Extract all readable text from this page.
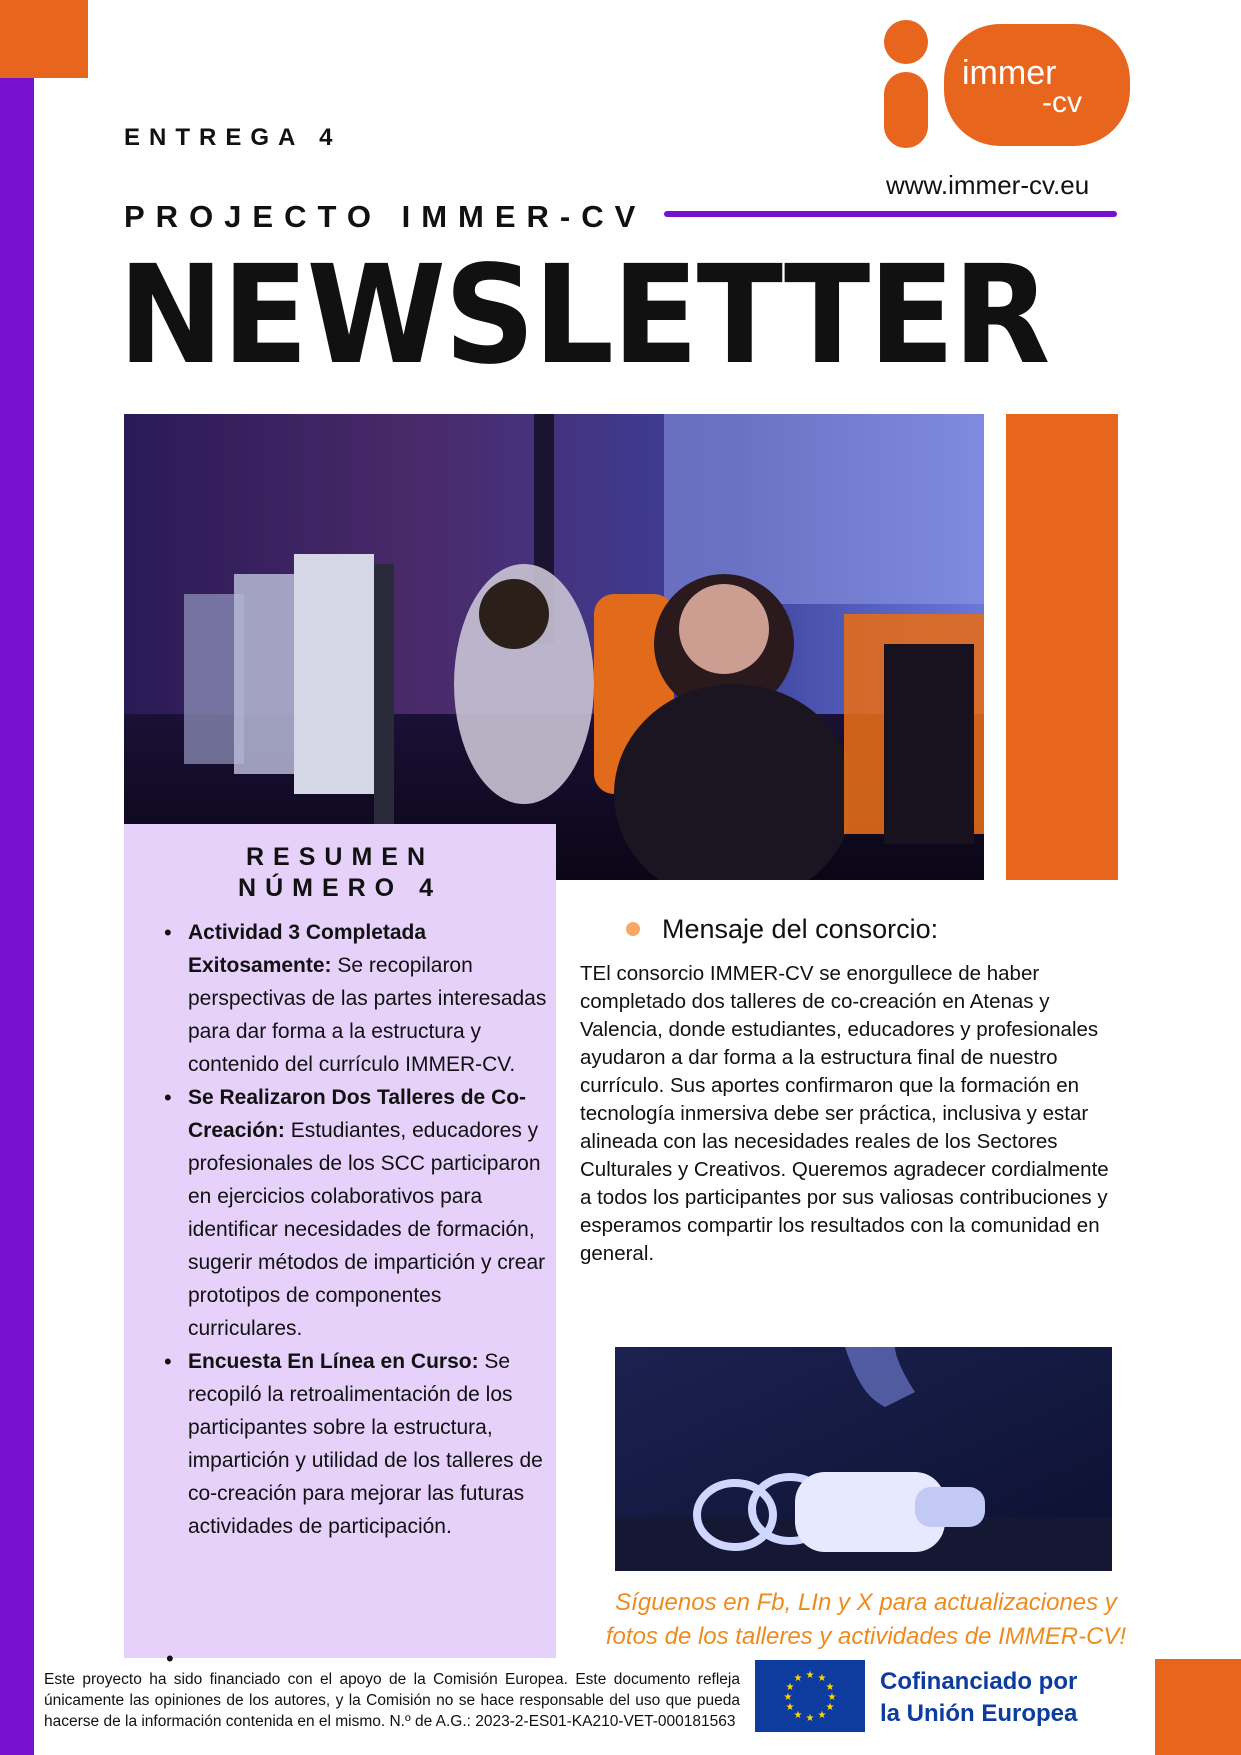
immer
-cv
ENTREGA 4
www.immer-cv.eu
PROJECTO IMMER-CV
NEWSLETTER
RESUMEN
NÚMERO 4
• Actividad 3 Completada Exitosamente: Se recopilaron perspectivas de las partes interesadas para dar forma a la estructura y contenido del currículo IMMER-CV.
• Se Realizaron Dos Talleres de Co-Creación: Estudiantes, educadores y profesionales de los SCC participaron en ejercicios colaborativos para identificar necesidades de formación, sugerir métodos de impartición y crear prototipos de componentes curriculares.
• Encuesta En Línea en Curso: Se recopiló la retroalimentación de los participantes sobre la estructura, impartición y utilidad de los talleres de co-creación para mejorar las futuras actividades de participación.
•
Mensaje del consorcio:
TEl consorcio IMMER-CV se enorgullece de haber completado dos talleres de co-creación en Atenas y Valencia, donde estudiantes, educadores y profesionales ayudaron a dar forma a la estructura final de nuestro currículo. Sus aportes confirmaron que la formación en tecnología inmersiva debe ser práctica, inclusiva y estar alineada con las necesidades reales de los Sectores Culturales y Creativos. Queremos agradecer cordialmente a todos los participantes por sus valiosas contribuciones y esperamos compartir los resultados con la comunidad en general.
Síguenos en Fb, LIn y X para actualizaciones y
fotos de los talleres y actividades de IMMER-CV!
Este proyecto ha sido financiado con el apoyo de la Comisión Europea. Este documento refleja únicamente las opiniones de los autores, y la Comisión no se hace responsable del uso que pueda hacerse de la información contenida en el mismo. N.º de A.G.: 2023-2-ES01-KA210-VET-000181563
★ ★
★
★
★
★
★
★
★
★
★
★	Cofinanciado por
la Unión Europea
